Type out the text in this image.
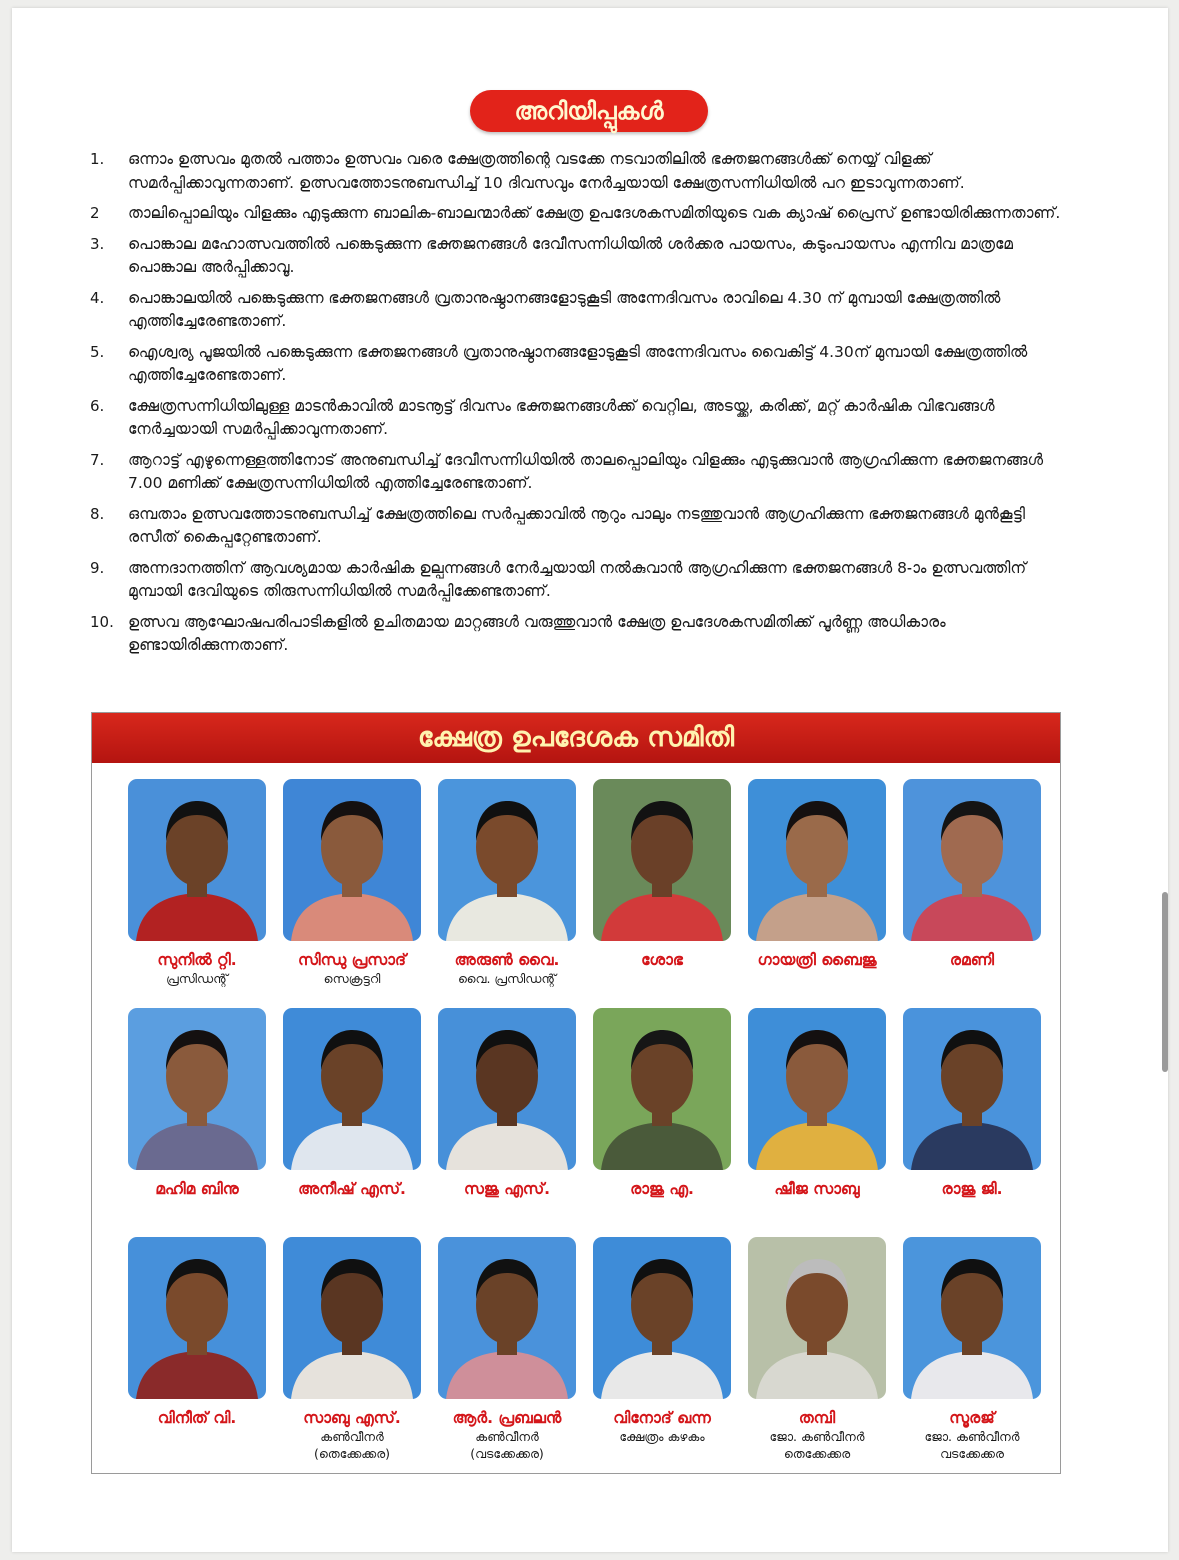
അറിയിപ്പുകൾ
1. ഒന്നാം ഉത്സവം മുതൽ പത്താം ഉത്സവം വരെ ക്ഷേത്രത്തിന്റെ വടക്കേ നടവാതിലിൽ ഭക്തജനങ്ങൾക്ക് നെയ്യ് വിളക്ക് സമർപ്പിക്കാവുന്നതാണ്. ഉത്സവത്തോടനുബന്ധിച്ച് 10 ദിവസവും നേർച്ചയായി ക്ഷേത്രസന്നിധിയിൽ പറ ഇടാവുന്നതാണ്.
2 താലിപ്പൊലിയും വിളക്കും എടുക്കുന്ന ബാലിക-ബാലന്മാർക്ക് ക്ഷേത്ര ഉപദേശകസമിതിയുടെ വക ക്യാഷ് പ്രൈസ് ഉണ്ടായിരിക്കുന്നതാണ്.
3. പൊങ്കാല മഹോത്സവത്തിൽ പങ്കെടുക്കുന്ന ഭക്തജനങ്ങൾ ദേവീസന്നിധിയിൽ ശർക്കര പായസം, കടുംപായസം എന്നിവ മാത്രമേ പൊങ്കാല അർപ്പിക്കാവൂ.
4. പൊങ്കാലയിൽ പങ്കെടുക്കുന്ന ഭക്തജനങ്ങൾ വ്രതാനുഷ്ഠാനങ്ങളോടുകൂടി അന്നേദിവസം രാവിലെ 4.30 ന് മുമ്പായി ക്ഷേത്രത്തിൽ എത്തിച്ചേരേണ്ടതാണ്.
5. ഐശ്വര്യ പൂജയിൽ പങ്കെടുക്കുന്ന ഭക്തജനങ്ങൾ വ്രതാനുഷ്ഠാനങ്ങളോടുകൂടി അന്നേദിവസം വൈകിട്ട് 4.30ന് മുമ്പായി ക്ഷേത്രത്തിൽ എത്തിച്ചേരേണ്ടതാണ്.
6. ക്ഷേത്രസന്നിധിയിലുള്ള മാടൻകാവിൽ മാടനൂട്ട് ദിവസം ഭക്തജനങ്ങൾക്ക് വെറ്റില, അടയ്ക്ക, കരിക്ക്, മറ്റ് കാർഷിക വിഭവങ്ങൾ നേർച്ചയായി സമർപ്പിക്കാവുന്നതാണ്.
7. ആറാട്ട് എഴുന്നെള്ളത്തിനോട് അനുബന്ധിച്ച് ദേവീസന്നിധിയിൽ താലപ്പൊലിയും വിളക്കും എടുക്കുവാൻ ആഗ്രഹിക്കുന്ന ഭക്തജനങ്ങൾ 7.00 മണിക്ക് ക്ഷേത്രസന്നിധിയിൽ എത്തിച്ചേരേണ്ടതാണ്.
8. ഒമ്പതാം ഉത്സവത്തോടനുബന്ധിച്ച് ക്ഷേത്രത്തിലെ സർപ്പക്കാവിൽ നൂറും പാലും നടത്തുവാൻ ആഗ്രഹിക്കുന്ന ഭക്തജനങ്ങൾ മുൻകൂട്ടി രസീത് കൈപ്പറ്റേണ്ടതാണ്.
9. അന്നദാനത്തിന് ആവശ്യമായ കാർഷിക ഉല്പന്നങ്ങൾ നേർച്ചയായി നൽകുവാൻ ആഗ്രഹിക്കുന്ന ഭക്തജനങ്ങൾ 8-ാം ഉത്സവത്തിന് മുമ്പായി ദേവിയുടെ തിരുസന്നിധിയിൽ സമർപ്പിക്കേണ്ടതാണ്.
10. ഉത്സവ ആഘോഷപരിപാടികളിൽ ഉചിതമായ മാറ്റങ്ങൾ വരുത്തുവാൻ ക്ഷേത്ര ഉപദേശകസമിതിക്ക് പൂർണ്ണ അധികാരം ഉണ്ടായിരിക്കുന്നതാണ്.
ക്ഷേത്ര ഉപദേശക സമിതി
സുനിൽ റ്റി.
പ്രസിഡന്റ്
സിന്ധു പ്രസാദ്
സെക്രട്ടറി
അരുൺ വൈ.
വൈ. പ്രസിഡന്റ്
ശോഭ	ഗായത്രി ബൈജു	രമണി
മഹിമ ബിനു	അനീഷ് എസ്.	സജു എസ്.	രാജു എ.	ഷീജ സാബു	രാജു ജി.
വിനീത് വി.	സാബു എസ്.
കൺവീനർ
(തെക്കേക്കര)
ആർ. പ്രബലൻ
കൺവീനർ
(വടക്കേക്കര)
വിനോദ് ഖന്ന
ക്ഷേത്രം കഴകം
തമ്പി
ജോ. കൺവീനർ
തെക്കേക്കര
സൂരജ്
ജോ. കൺവീനർ
വടക്കേക്കര
